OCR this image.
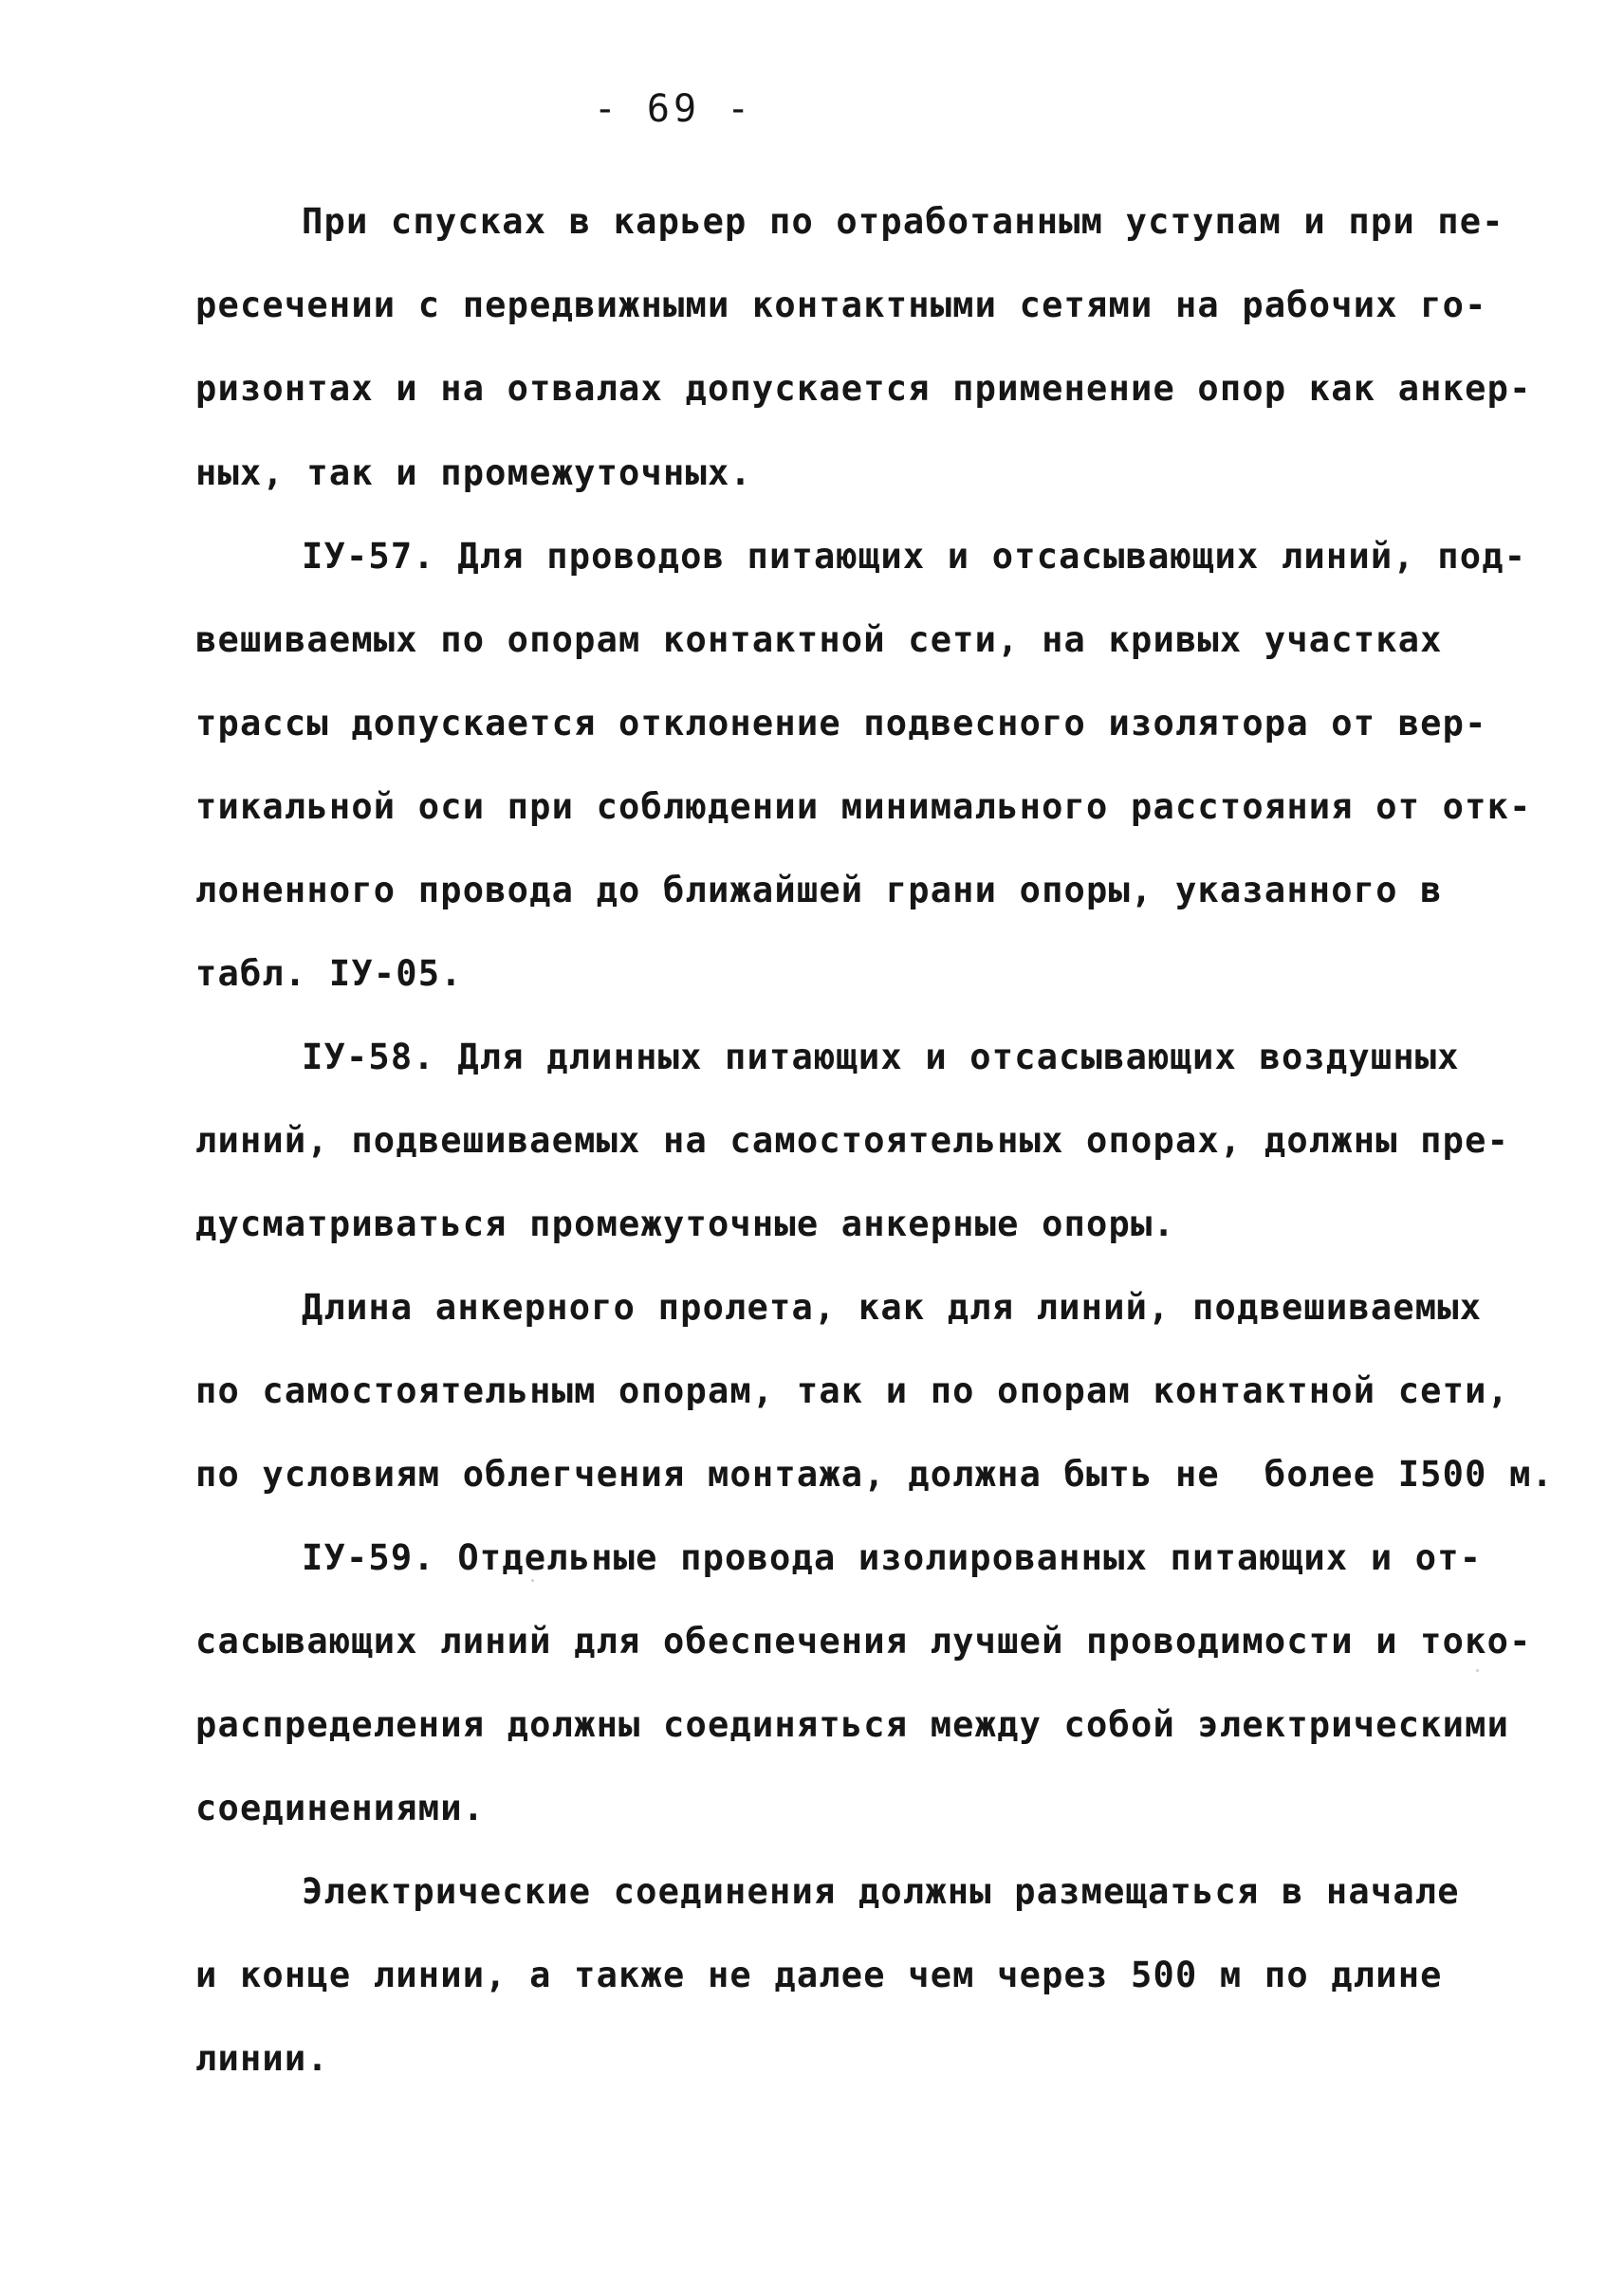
- 69 -
При спусках в карьер по отработанным уступам и при пе-
ресечении с передвижными контактными сетями на рабочих го-
ризонтах и на отвалах допускается применение опор как анкер-
ных, так и промежуточных.
IУ-57. Для проводов питающих и отсасывающих линий, под-
вешиваемых по опорам контактной сети, на кривых участках
трассы допускается отклонение подвесного изолятора от вер-
тикальной оси при соблюдении минимального расстояния от отк-
лоненного провода до ближайшей грани опоры, указанного в
табл. IУ-05.
IУ-58. Для длинных питающих и отсасывающих воздушных
линий, подвешиваемых на самостоятельных опорах, должны пре-
дусматриваться промежуточные анкерные опоры.
Длина анкерного пролета, как для линий, подвешиваемых
по самостоятельным опорам, так и по опорам контактной сети,
по условиям облегчения монтажа, должна быть не  более I500 м.
IУ-59. Отдельные провода изолированных питающих и от-
сасывающих линий для обеспечения лучшей проводимости и токо-
распределения должны соединяться между собой электрическими
соединениями.
Электрические соединения должны размещаться в начале
и конце линии, а также не далее чем через 500 м по длине
линии.
